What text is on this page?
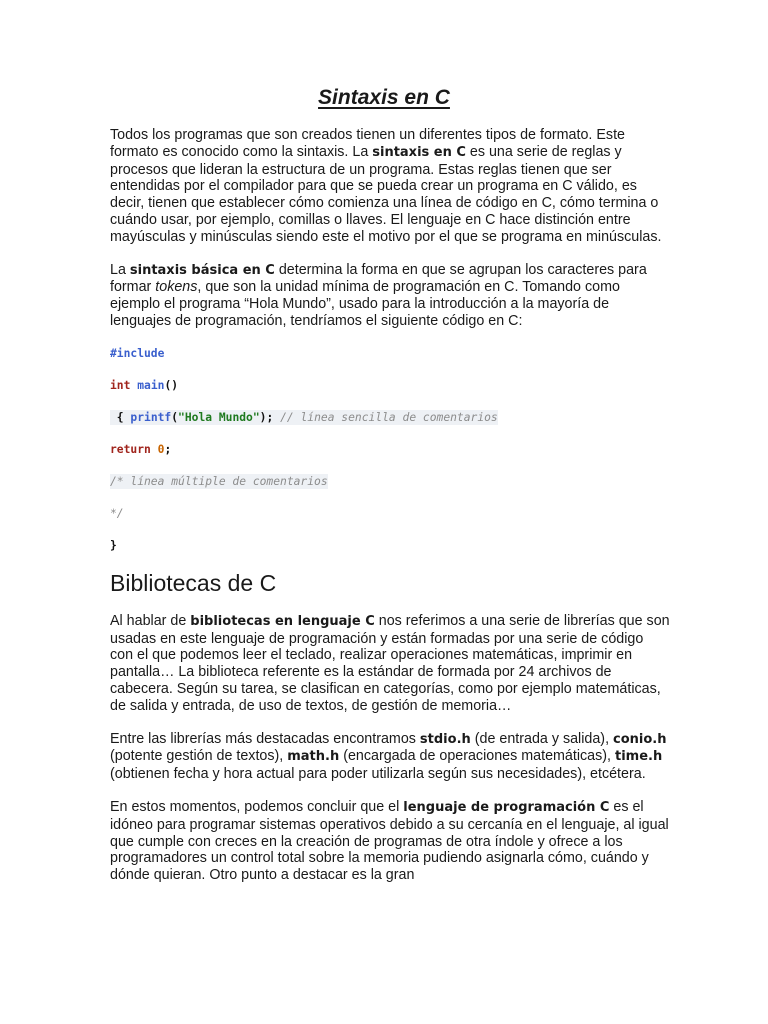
Sintaxis en C

Todos los programas que son creados tienen un diferentes tipos de formato. Este formato es conocido como la sintaxis. La sintaxis en C es una serie de reglas y procesos que lideran la estructura de un programa. Estas reglas tienen que ser entendidas por el compilador para que se pueda crear un programa en C válido, es decir, tienen que establecer cómo comienza una línea de código en C, cómo termina o cuándo usar, por ejemplo, comillas o llaves. El lenguaje en C hace distinción entre mayúsculas y minúsculas siendo este el motivo por el que se programa en minúsculas.

La sintaxis básica en C determina la forma en que se agrupan los caracteres para formar tokens, que son la unidad mínima de programación en C. Tomando como ejemplo el programa “Hola Mundo”, usado para la introducción a la mayoría de lenguajes de programación, tendríamos el siguiente código en C:

#include
int main()
{ printf("Hola Mundo"); // línea sencilla de comentarios
return 0;
/* línea múltiple de comentarios
*/
}
Bibliotecas de C

Al hablar de bibliotecas en lenguaje C nos referimos a una serie de librerías que son usadas en este lenguaje de programación y están formadas por una serie de código con el que podemos leer el teclado, realizar operaciones matemáticas, imprimir en pantalla… La biblioteca referente es la estándar de formada por 24 archivos de cabecera. Según su tarea, se clasifican en categorías, como por ejemplo matemáticas, de salida y entrada, de uso de textos, de gestión de memoria…

Entre las librerías más destacadas encontramos stdio.h (de entrada y salida), conio.h (potente gestión de textos), math.h (encargada de operaciones matemáticas), time.h (obtienen fecha y hora actual para poder utilizarla según sus necesidades), etcétera.

En estos momentos, podemos concluir que el lenguaje de programación C es el idóneo para programar sistemas operativos debido a su cercanía en el lenguaje, al igual que cumple con creces en la creación de programas de otra índole y ofrece a los programadores un control total sobre la memoria pudiendo asignarla cómo, cuándo y dónde quieran. Otro punto a destacar es la gran
